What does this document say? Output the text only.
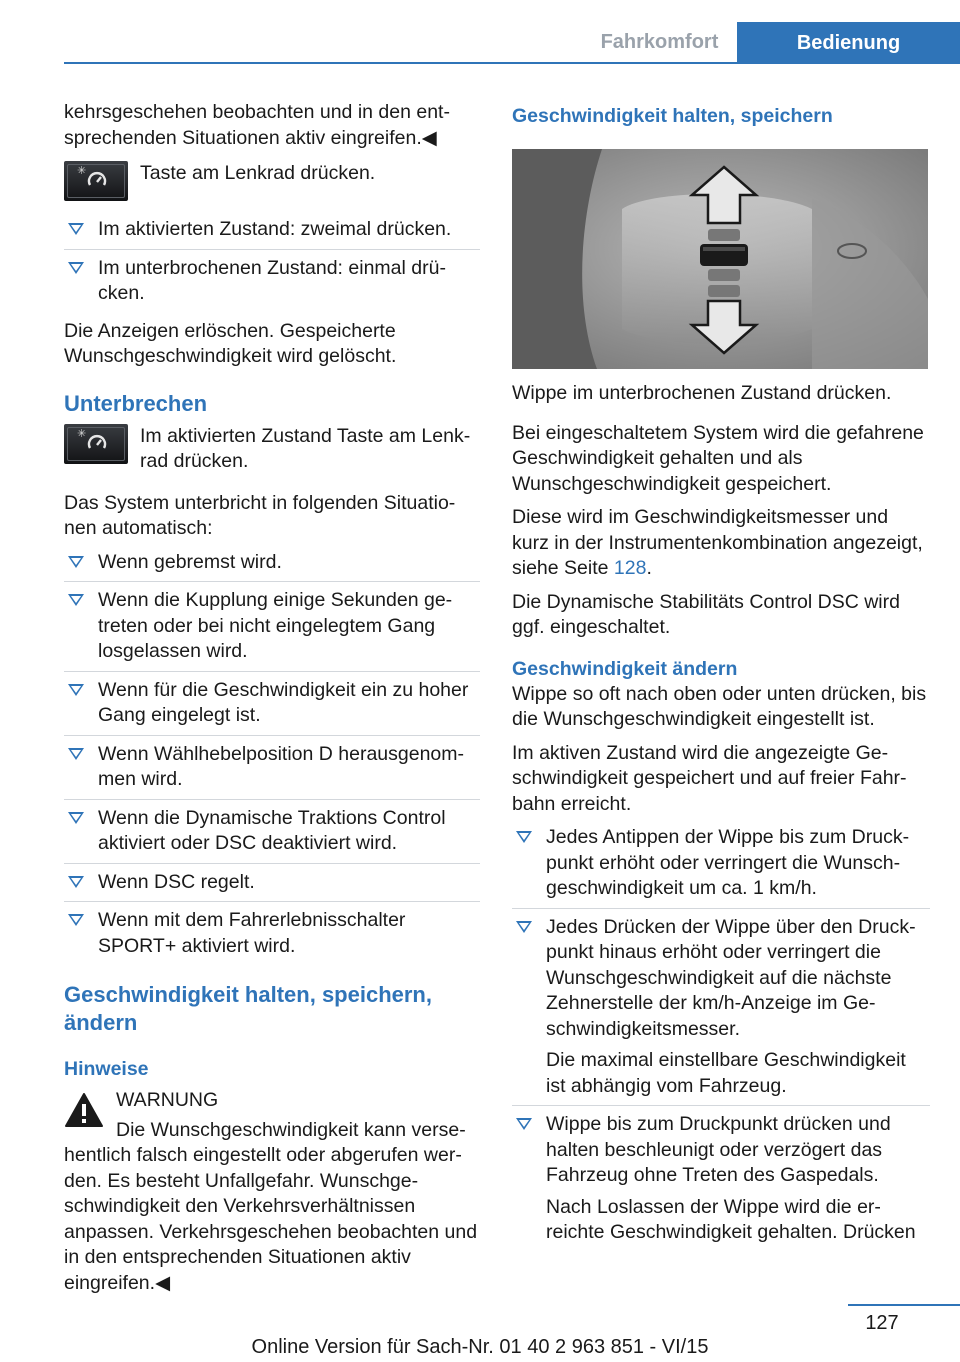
Fahrkomfort	Bedienung

kehrsgeschehen beobachten und in den entsprechenden Situationen aktiv eingreifen.◀

✳	Taste am Lenkrad drücken.
Im aktivierten Zustand: zweimal drücken.
Im unterbrochenen Zustand: einmal drücken.

Die Anzeigen erlöschen. Gespeicherte Wunschgeschwindigkeit wird gelöscht.

Unterbrechen
✳	Im aktivierten Zustand Taste am Lenkrad drücken.

Das System unterbricht in folgenden Situationen automatisch:

Wenn gebremst wird.
Wenn die Kupplung einige Sekunden getreten oder bei nicht eingelegtem Gang losgelassen wird.
Wenn für die Geschwindigkeit ein zu hoher Gang eingelegt ist.
Wenn Wählhebelposition D herausgenommen wird.
Wenn die Dynamische Traktions Control aktiviert oder DSC deaktiviert wird.
Wenn DSC regelt.
Wenn mit dem Fahrerlebnisschalter SPORT+ aktiviert wird.
Geschwindigkeit halten, speichern, ändern
Hinweise
WARNUNG
Die Wunschgeschwindigkeit kann versehentlich falsch eingestellt oder abgerufen werden. Es besteht Unfallgefahr. Wunschgeschwindigkeit den Verkehrsverhältnissen anpassen. Verkehrsgeschehen beobachten und in den entsprechenden Situationen aktiv eingreifen.◀
Geschwindigkeit halten, speichern

Wippe im unterbrochenen Zustand drücken.

Bei eingeschaltetem System wird die gefahrene Geschwindigkeit gehalten und als Wunschgeschwindigkeit gespeichert.

Diese wird im Geschwindigkeitsmesser und kurz in der Instrumentenkombination angezeigt, siehe Seite 128.

Die Dynamische Stabilitäts Control DSC wird ggf. eingeschaltet.

Geschwindigkeit ändern

Wippe so oft nach oben oder unten drücken, bis die Wunschgeschwindigkeit eingestellt ist.

Im aktiven Zustand wird die angezeigte Geschwindigkeit gespeichert und auf freier Fahrbahn erreicht.

Jedes Antippen der Wippe bis zum Druckpunkt erhöht oder verringert die Wunschgeschwindigkeit um ca. 1 km/h.
Jedes Drücken der Wippe über den Druckpunkt hinaus erhöht oder verringert die Wunschgeschwindigkeit auf die nächste Zehnerstelle der km/h-Anzeige im Geschwindigkeitsmesser.
Die maximal einstellbare Geschwindigkeit ist abhängig vom Fahrzeug.
Wippe bis zum Druckpunkt drücken und halten beschleunigt oder verzögert das Fahrzeug ohne Treten des Gaspedals.
Nach Loslassen der Wippe wird die erreichte Geschwindigkeit gehalten. Drücken
127
Online Version für Sach-Nr. 01 40 2 963 851 - VI/15
